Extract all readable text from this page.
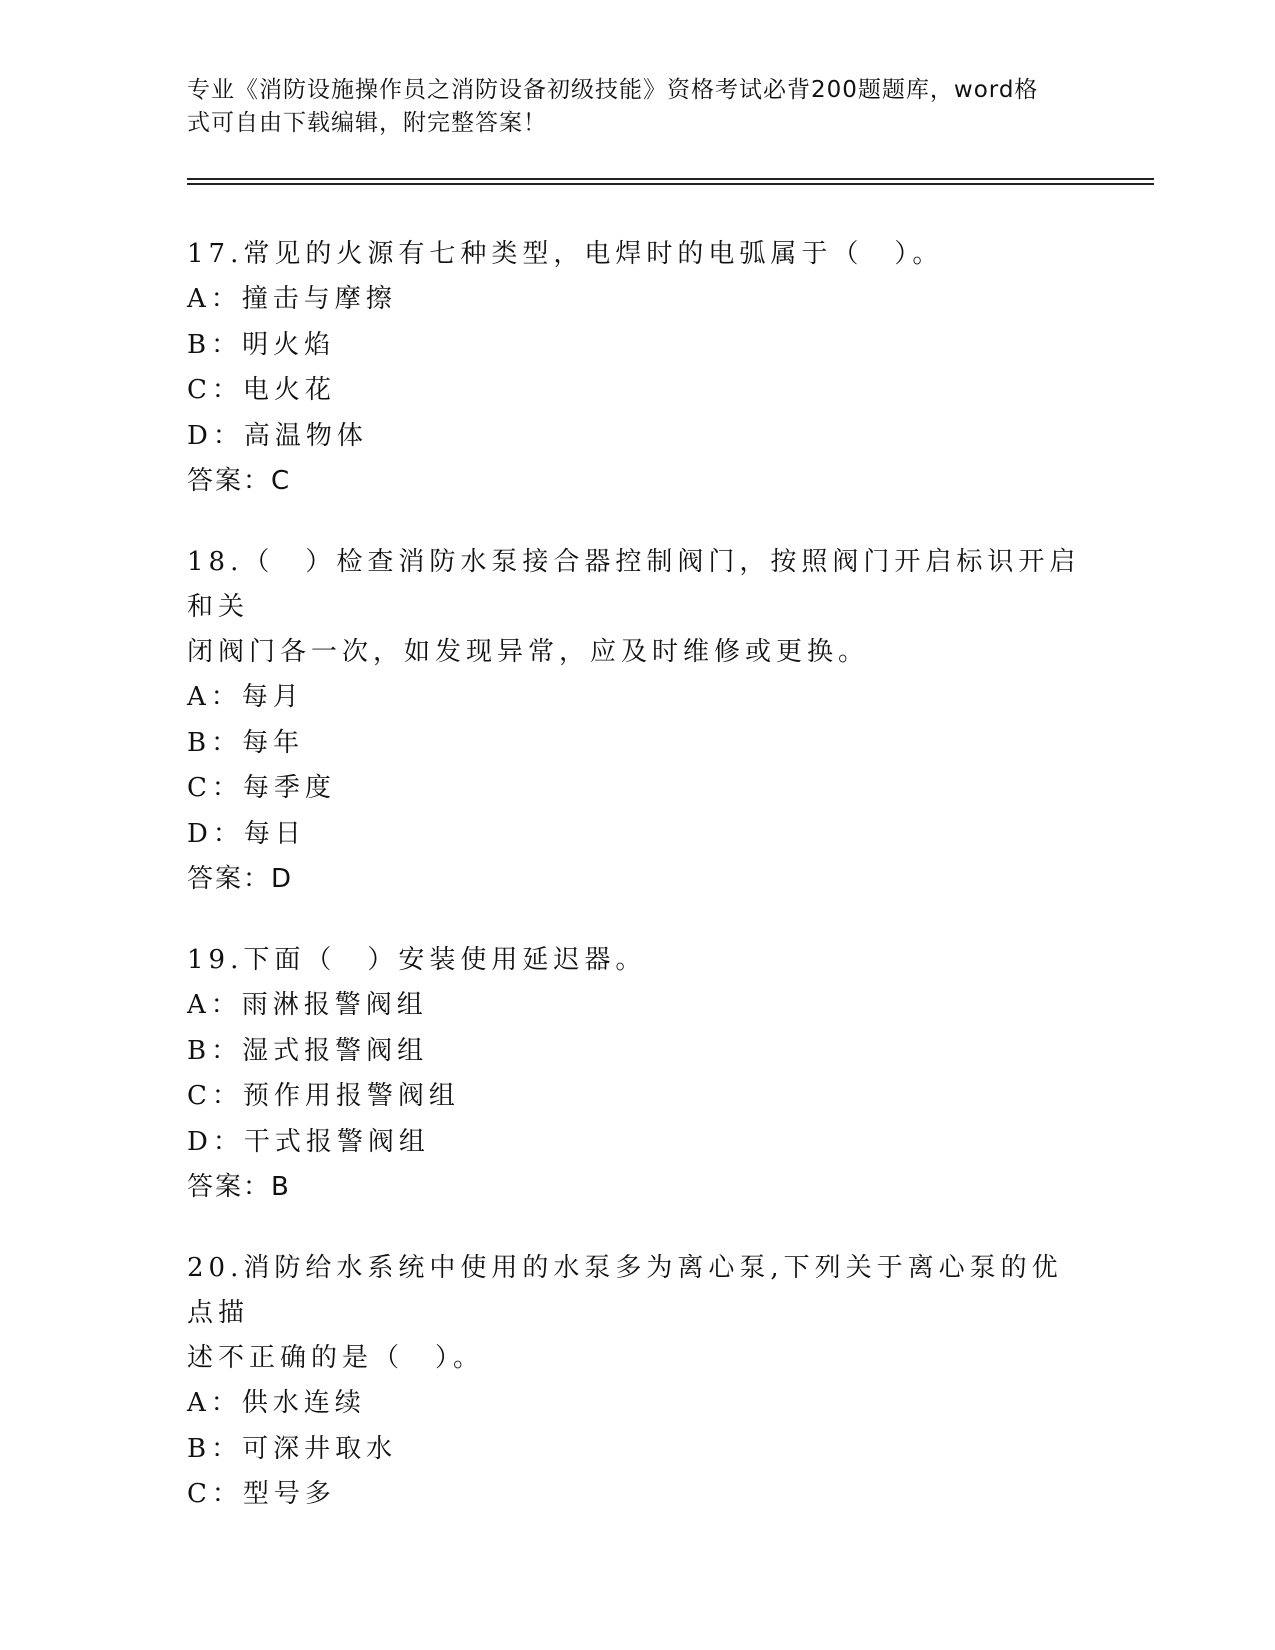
专业《消防设施操作员之消防设备初级技能》资格考试必背200题题库，word格
式可自由下载编辑，附完整答案！
17.常见的火源有七种类型，电焊时的电弧属于（　）。
A：撞击与摩擦
B：明火焰
C：电火花
D：高温物体
答案：C
18.（　）检查消防水泵接合器控制阀门，按照阀门开启标识开启和关
闭阀门各一次，如发现异常，应及时维修或更换。
A：每月
B：每年
C：每季度
D：每日
答案：D
19.下面（　）安装使用延迟器。
A：雨淋报警阀组
B：湿式报警阀组
C：预作用报警阀组
D：干式报警阀组
答案：B
20.消防给水系统中使用的水泵多为离心泵,下列关于离心泵的优点描
述不正确的是（　）。
A：供水连续
B：可深井取水
C：型号多
